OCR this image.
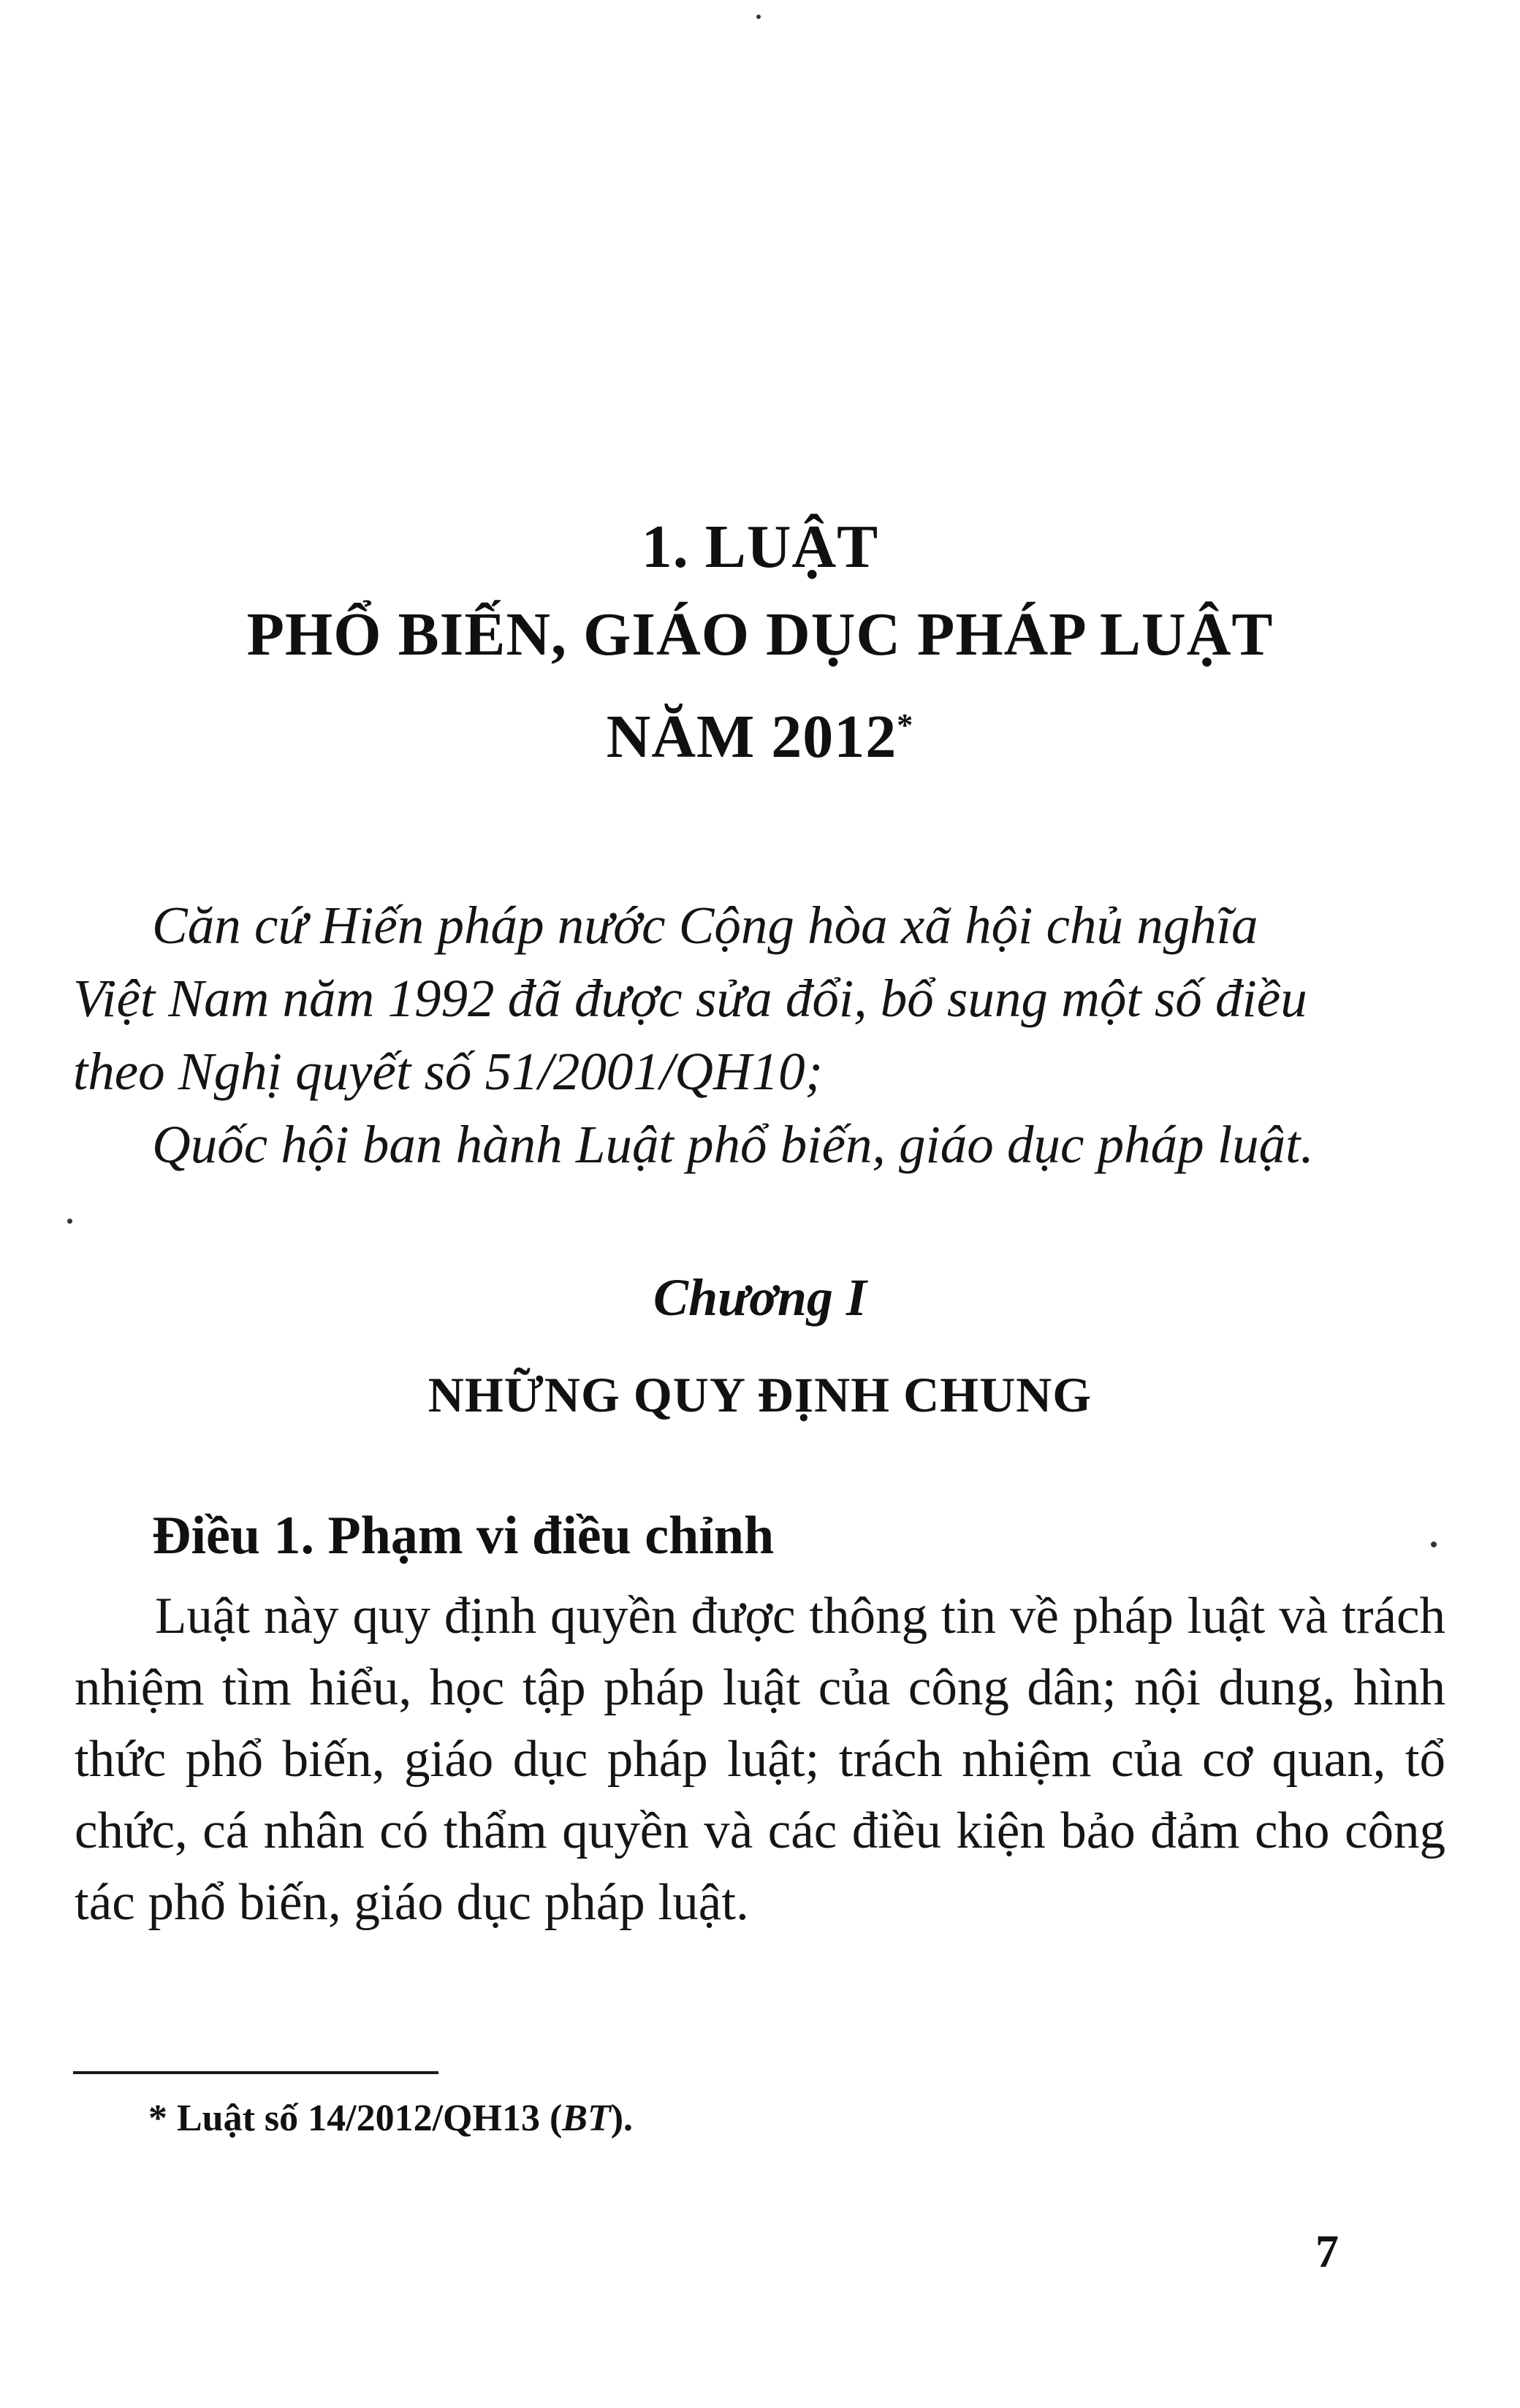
1. LUẬT
PHỔ BIẾN, GIÁO DỤC PHÁP LUẬT
NĂM 2012*
Căn cứ Hiến pháp nước Cộng hòa xã hội chủ nghĩa
Việt Nam năm 1992 đã được sửa đổi, bổ sung một số điều
theo Nghị quyết số 51/2001/QH10;
Quốc hội ban hành Luật phổ biến, giáo dục pháp luật.
Chương I
NHỮNG QUY ĐỊNH CHUNG
Điều 1. Phạm vi điều chỉnh
Luật này quy định quyền được thông tin về pháp luật và trách nhiệm tìm hiểu, học tập pháp luật của công dân; nội dung, hình thức phổ biến, giáo dục pháp luật; trách nhiệm của cơ quan, tổ chức, cá nhân có thẩm quyền và các điều kiện bảo đảm cho công tác phổ biến, giáo dục pháp luật.
* Luật số 14/2012/QH13 (BT).
7
